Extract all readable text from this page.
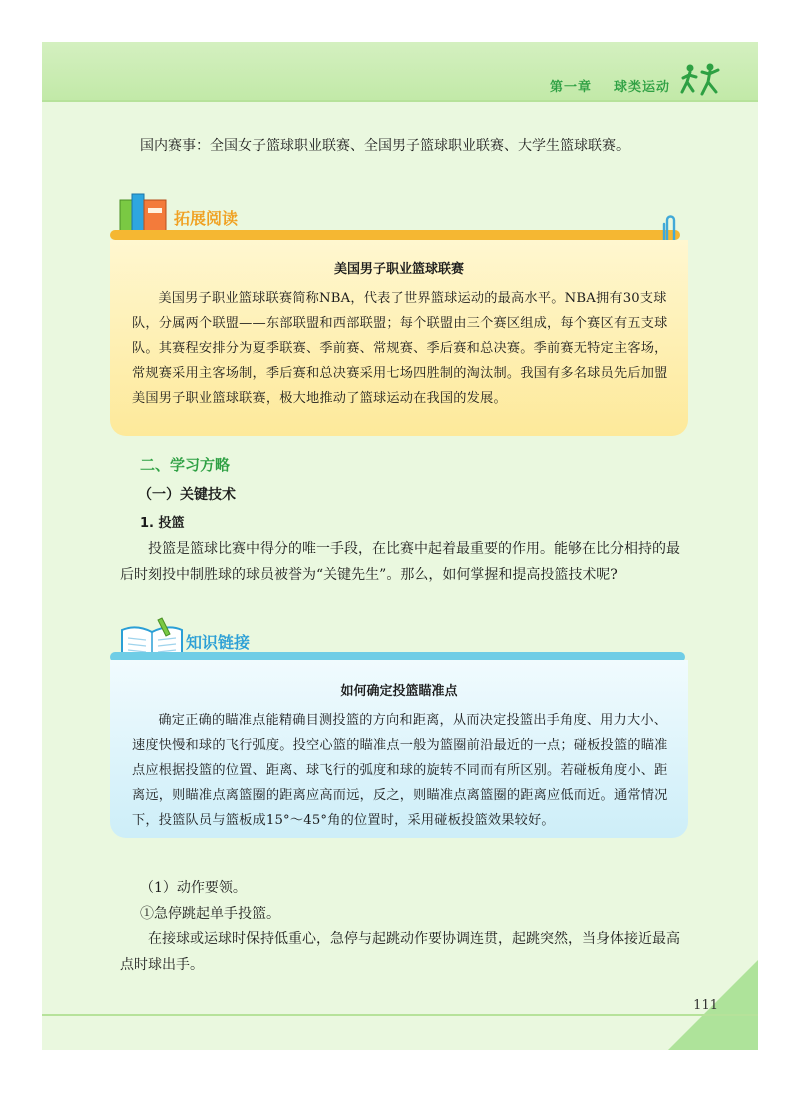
第一章 球类运动
国内赛事：全国女子篮球职业联赛、全国男子篮球职业联赛、大学生篮球联赛。
拓展阅读
美国男子职业篮球联赛
美国男子职业篮球联赛简称NBA，代表了世界篮球运动的最高水平。NBA拥有30支球队，分属两个联盟——东部联盟和西部联盟；每个联盟由三个赛区组成，每个赛区有五支球队。其赛程安排分为夏季联赛、季前赛、常规赛、季后赛和总决赛。季前赛无特定主客场，常规赛采用主客场制，季后赛和总决赛采用七场四胜制的淘汰制。我国有多名球员先后加盟美国男子职业篮球联赛，极大地推动了篮球运动在我国的发展。
二、学习方略
（一）关键技术
1. 投篮
投篮是篮球比赛中得分的唯一手段，在比赛中起着最重要的作用。能够在比分相持的最后时刻投中制胜球的球员被誉为“关键先生”。那么，如何掌握和提高投篮技术呢?
知识链接
如何确定投篮瞄准点
确定正确的瞄准点能精确目测投篮的方向和距离，从而决定投篮出手角度、用力大小、速度快慢和球的飞行弧度。投空心篮的瞄准点一般为篮圈前沿最近的一点；碰板投篮的瞄准点应根据投篮的位置、距离、球飞行的弧度和球的旋转不同而有所区别。若碰板角度小、距离远，则瞄准点离篮圈的距离应高而远，反之，则瞄准点离篮圈的距离应低而近。通常情况下，投篮队员与篮板成15°～45°角的位置时，采用碰板投篮效果较好。
（1）动作要领。
①急停跳起单手投篮。
在接球或运球时保持低重心，急停与起跳动作要协调连贯，起跳突然，当身体接近最高点时球出手。
111
